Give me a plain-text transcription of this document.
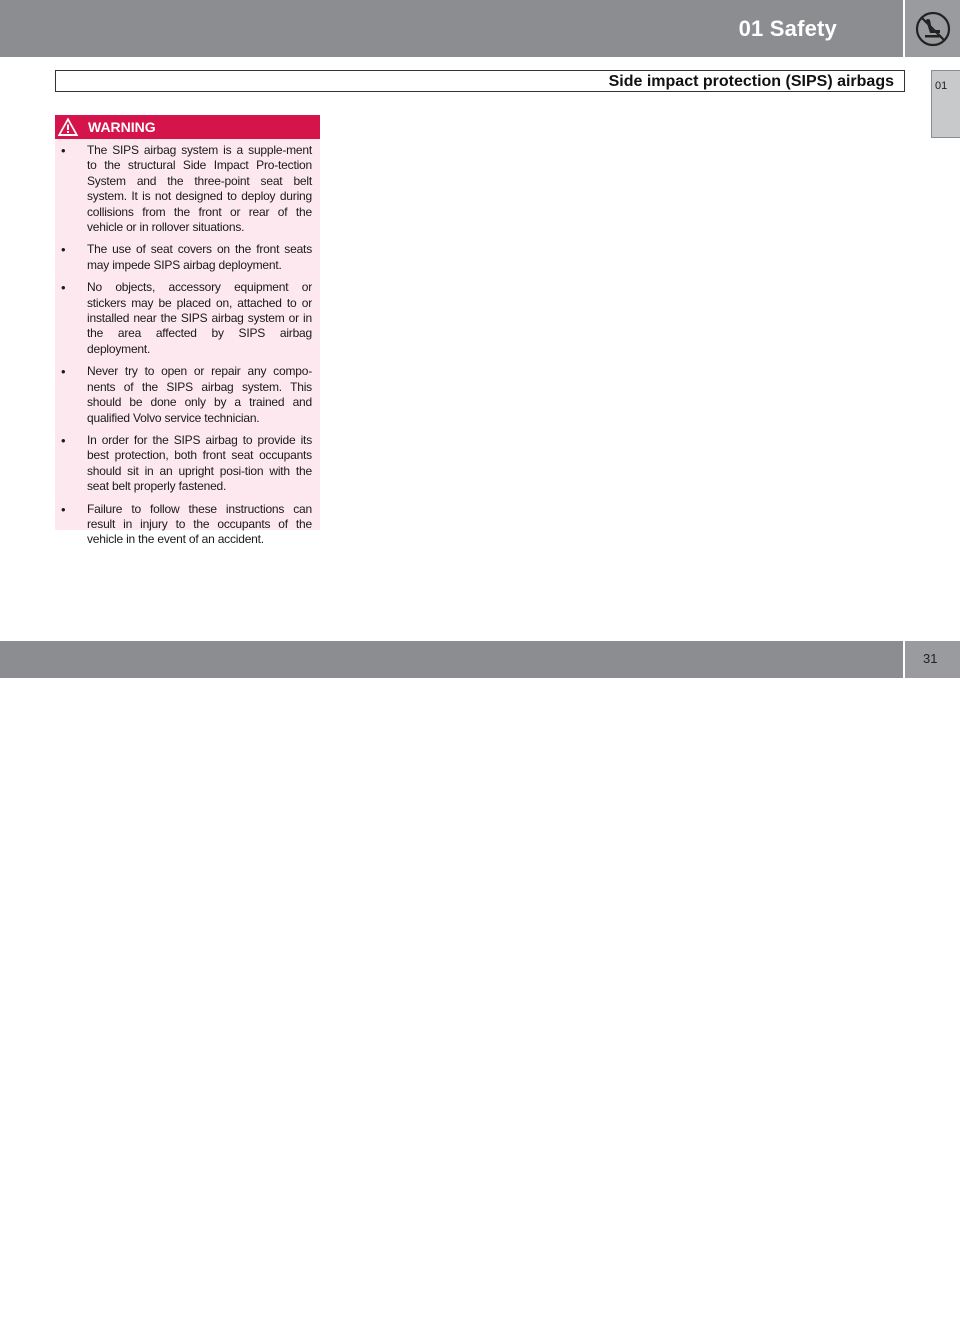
01 Safety
Side impact protection (SIPS) airbags	01
WARNING
• The SIPS airbag system is a supple-ment to the structural Side Impact Pro-tection System and the three-point seat belt system. It is not designed to deploy during collisions from the front or rear of the vehicle or in rollover situations.
• The use of seat covers on the front seats may impede SIPS airbag deployment.
• No objects, accessory equipment or stickers may be placed on, attached to or installed near the SIPS airbag system or in the area affected by SIPS airbag deployment.
• Never try to open or repair any compo-nents of the SIPS airbag system. This should be done only by a trained and qualified Volvo service technician.
• In order for the SIPS airbag to provide its best protection, both front seat occupants should sit in an upright posi-tion with the seat belt properly fastened.
• Failure to follow these instructions can result in injury to the occupants of the vehicle in the event of an accident.
carmanualsonline.info
31
